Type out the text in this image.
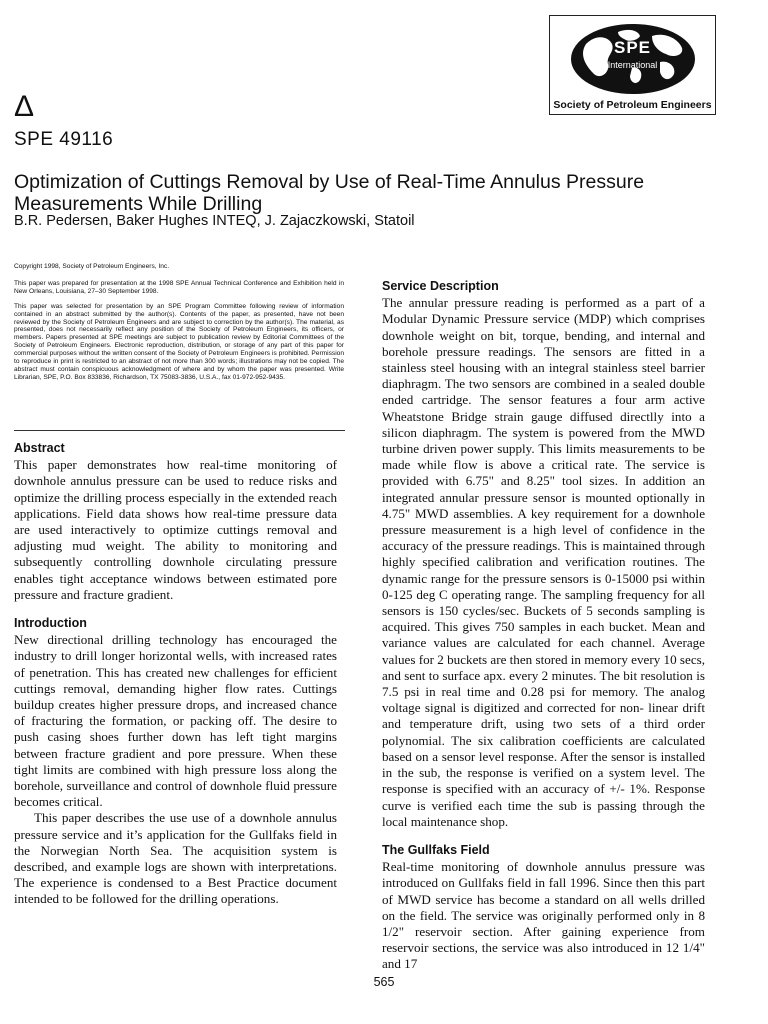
SPE
International
Society of Petroleum Engineers
Δ
SPE 49116
Optimization of Cuttings Removal by Use of Real-Time Annulus Pressure Measurements While Drilling
B.R. Pedersen, Baker Hughes INTEQ, J. Zajaczkowski, Statoil

Copyright 1998, Society of Petroleum Engineers, Inc.

This paper was prepared for presentation at the 1998 SPE Annual Technical Conference and Exhibition held in New Orleans, Louisiana, 27–30 September 1998.

This paper was selected for presentation by an SPE Program Committee following review of information contained in an abstract submitted by the author(s). Contents of the paper, as presented, have not been reviewed by the Society of Petroleum Engineers and are subject to correction by the author(s). The material, as presented, does not necessarily reflect any position of the Society of Petroleum Engineers, its officers, or members. Papers presented at SPE meetings are subject to publication review by Editorial Committees of the Society of Petroleum Engineers. Electronic reproduction, distribution, or storage of any part of this paper for commercial purposes without the written consent of the Society of Petroleum Engineers is prohibited. Permission to reproduce in print is restricted to an abstract of not more than 300 words; illustrations may not be copied. The abstract must contain conspicuous acknowledgment of where and by whom the paper was presented. Write Librarian, SPE, P.O. Box 833836, Richardson, TX 75083-3836, U.S.A., fax 01-972-952-9435.

Abstract

This paper demonstrates how real-time monitoring of downhole annulus pressure can be used to reduce risks and optimize the drilling process especially in the extended reach applications. Field data shows how real-time pressure data are used interactively to optimize cuttings removal and adjusting mud weight. The ability to monitoring and subsequently controlling downhole circulating pressure enables tight acceptance windows between estimated pore pressure and fracture gradient.

Introduction

New directional drilling technology has encouraged the industry to drill longer horizontal wells, with increased rates of penetration. This has created new challenges for efficient cuttings removal, demanding higher flow rates. Cuttings buildup creates higher pressure drops, and increased chance of fracturing the formation, or packing off. The desire to push casing shoes further down has left tight margins between fracture gradient and pore pressure. When these tight limits are combined with high pressure loss along the borehole, surveillance and control of downhole fluid pressure becomes critical.

This paper describes the use use of a downhole annulus pressure service and it’s application for the Gullfaks field in the Norwegian North Sea. The acquisition system is described, and example logs are shown with interpretations. The experience is condensed to a Best Practice document intended to be followed for the drilling operations.

Service Description

The annular pressure reading is performed as a part of a Modular Dynamic Pressure service (MDP) which comprises downhole weight on bit, torque, bending, and internal and borehole pressure readings. The sensors are fitted in a stainless steel housing with an integral stainless steel barrier diaphragm. The two sensors are combined in a sealed double ended cartridge. The sensor features a four arm active Wheatstone Bridge strain gauge diffused directlly into a silicon diaphragm. The system is powered from the MWD turbine driven power supply. This limits measurements to be made while flow is above a critical rate. The service is provided with 6.75" and 8.25" tool sizes. In addition an integrated annular pressure sensor is mounted optionally in 4.75" MWD assemblies. A key requirement for a downhole pressure measurement is a high level of confidence in the accuracy of the pressure readings. This is maintained through highly specified calibration and verification routines. The dynamic range for the pressure sensors is 0-15000 psi within 0-125 deg C operating range. The sampling frequency for all sensors is 150 cycles/sec. Buckets of 5 seconds sampling is acquired. This gives 750 samples in each bucket. Mean and variance values are calculated for each channel. Average values for 2 buckets are then stored in memory every 10 secs, and sent to surface apx. every 2 minutes. The bit resolution is 7.5 psi in real time and 0.28 psi for memory. The analog voltage signal is digitized and corrected for non- linear drift and temperature drift, using two sets of a third order polynomial. The six calibration coefficients are calculated based on a sensor level response. After the sensor is installed in the sub, the response is verified on a system level. The response is specified with an accuracy of +/- 1%. Response curve is verified each time the sub is passing through the local maintenance shop.

The Gullfaks Field

Real-time monitoring of downhole annulus pressure was introduced on Gullfaks field in fall 1996. Since then this part of MWD service has become a standard on all wells drilled on the field. The service was originally performed only in 8 1/2" reservoir section. After gaining experience from reservoir sections, the service was also introduced in 12 1/4" and 17

565
